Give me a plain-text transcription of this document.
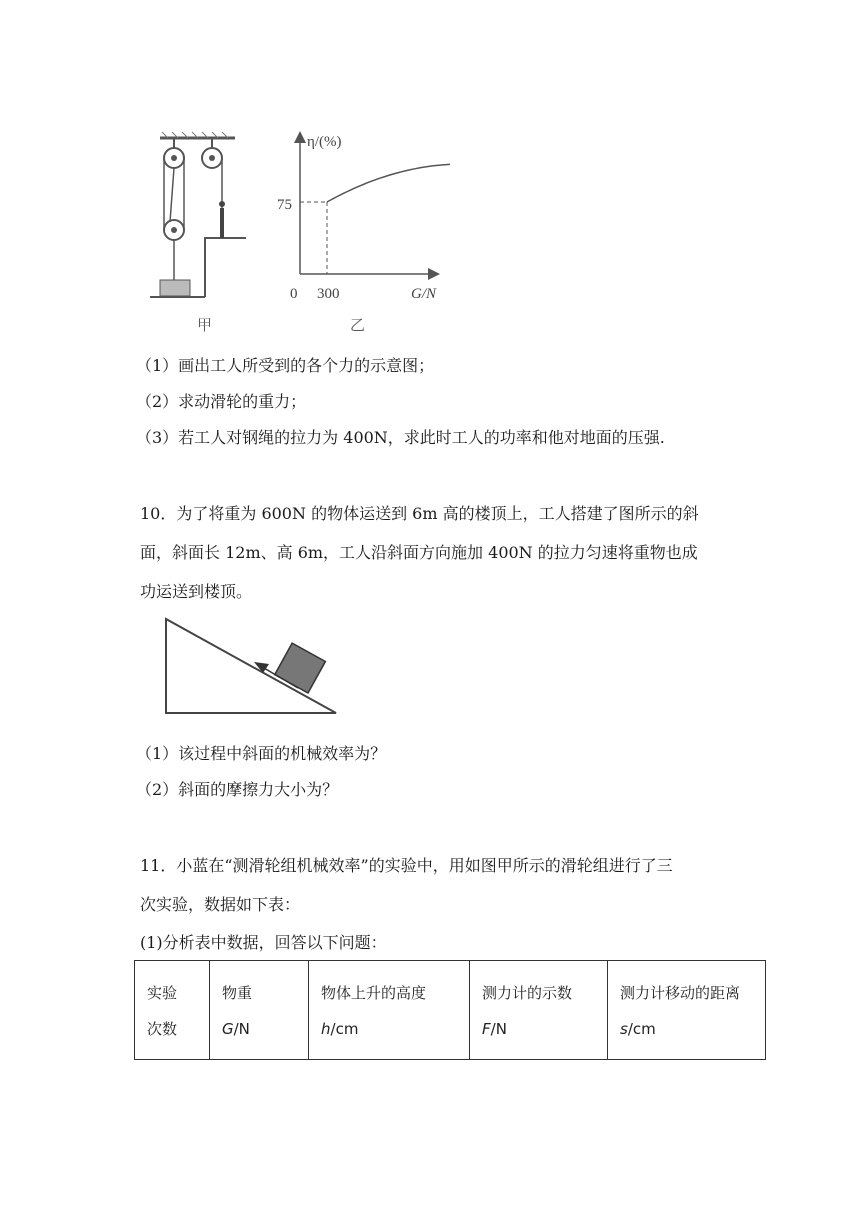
甲
η/(%)
G/N
0 300
75
乙
（1）画出工人所受到的各个力的示意图；
（2）求动滑轮的重力；
（3）若工人对钢绳的拉力为 400N，求此时工人的功率和他对地面的压强.
10．为了将重为 600N 的物体运送到 6m 高的楼顶上，工人搭建了图所示的斜
面，斜面长 12m、高 6m，工人沿斜面方向施加 400N 的拉力匀速将重物也成
功运送到楼顶。
（1）该过程中斜面的机械效率为？
（2）斜面的摩擦力大小为？
11．小蓝在“测滑轮组机械效率”的实验中，用如图甲所示的滑轮组进行了三
次实验，数据如下表：
(1)分析表中数据，回答以下问题：
实验
次数

物重
G/N

物体上升的高度
h/cm

测力计的示数
F/N

测力计移动的距离
s/cm
